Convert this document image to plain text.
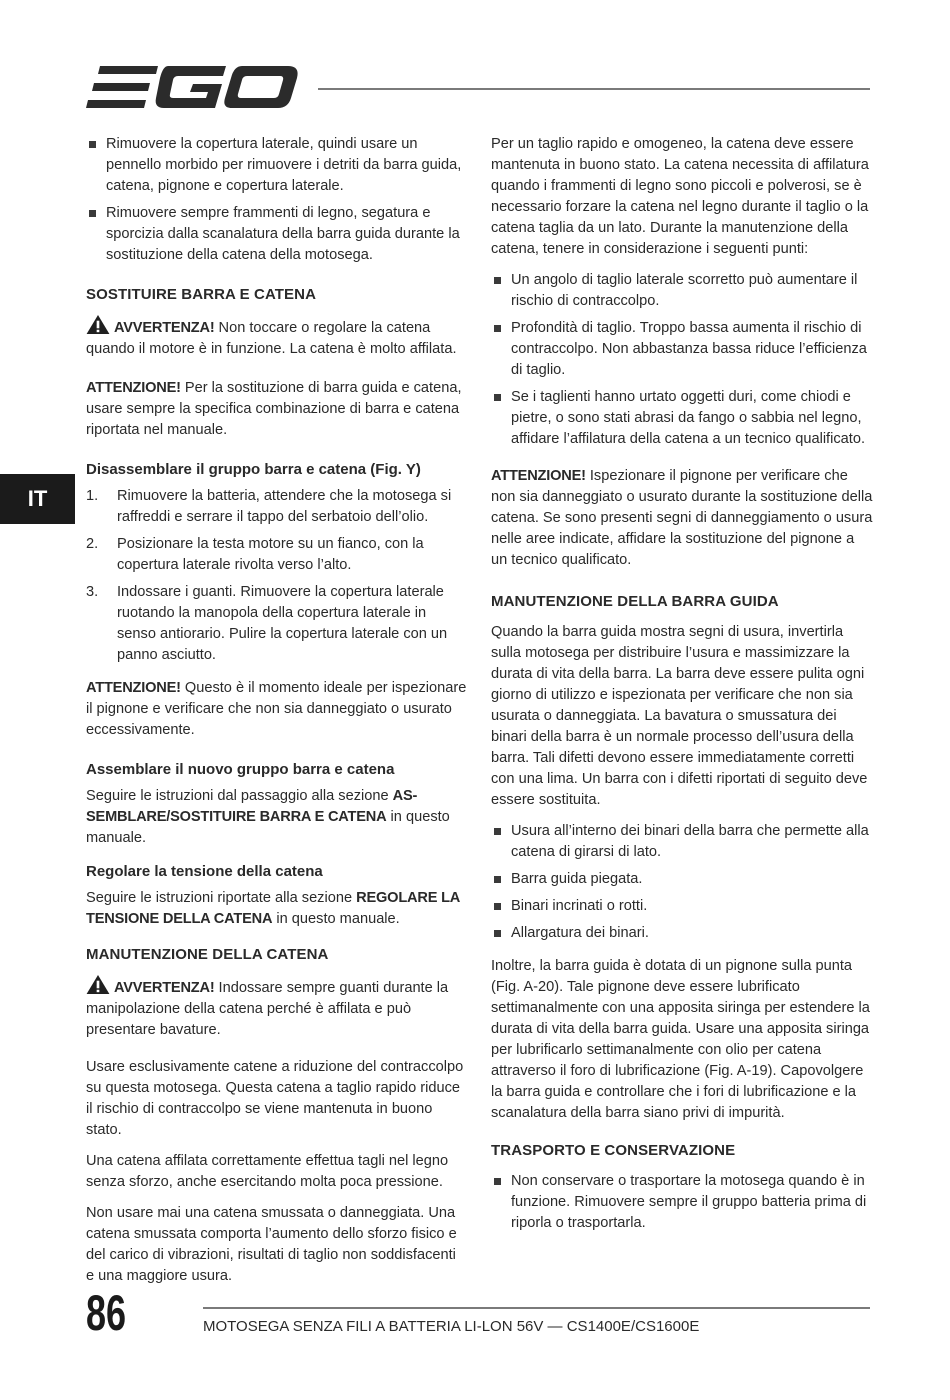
IT
Rimuovere la copertura laterale, quindi usare un pennello morbido per rimuovere i detriti da barra guida, catena, pignone e copertura laterale.
Rimuovere sempre frammenti di legno, segatura e sporcizia dalla scanalatura della barra guida durante la sostituzione della catena della motosega.
SOSTITUIRE BARRA E CATENA

AVVERTENZA! Non toccare o regolare la catena quando il motore è in funzione. La catena è molto affilata.

ATTENZIONE! Per la sostituzione di barra guida e catena, usare sempre la specifica combinazione di barra e catena riportata nel manuale.

Disassemblare il gruppo barra e catena (Fig. Y)
1. Rimuovere la batteria, attendere che la motosega si raffreddi e serrare il tappo del serbatoio dell’olio.
2. Posizionare la testa motore su un fianco, con la copertura laterale rivolta verso l’alto.
3. Indossare i guanti. Rimuovere la copertura laterale ruotando la manopola della copertura laterale in senso antiorario. Pulire la copertura laterale con un panno asciutto.

ATTENZIONE! Questo è il momento ideale per ispezionare il pignone e verificare che non sia danneggiato o usurato eccessivamente.

Assemblare il nuovo gruppo barra e catena

Seguire le istruzioni dal passaggio alla sezione AS-SEMBLARE/SOSTITUIRE BARRA E CATENA in questo manuale.

Regolare la tensione della catena

Seguire le istruzioni riportate alla sezione REGOLARE LA TENSIONE DELLA CATENA in questo manuale.

MANUTENZIONE DELLA CATENA

AVVERTENZA! Indossare sempre guanti durante la manipolazione della catena perché è affilata e può presentare bavature.

Usare esclusivamente catene a riduzione del contraccolpo su questa motosega. Questa catena a taglio rapido riduce il rischio di contraccolpo se viene mantenuta in buono stato.

Una catena affilata correttamente effettua tagli nel legno senza sforzo, anche esercitando molta poca pressione.

Non usare mai una catena smussata o danneggiata. Una catena smussata comporta l’aumento dello sforzo fisico e del carico di vibrazioni, risultati di taglio non soddisfacenti e una maggiore usura.

Per un taglio rapido e omogeneo, la catena deve essere mantenuta in buono stato. La catena necessita di affilatura quando i frammenti di legno sono piccoli e polverosi, se è necessario forzare la catena nel legno durante il taglio o la catena taglia da un lato. Durante la manutenzione della catena, tenere in considerazione i seguenti punti:

Un angolo di taglio laterale scorretto può aumentare il rischio di contraccolpo.
Profondità di taglio. Troppo bassa aumenta il rischio di contraccolpo. Non abbastanza bassa riduce l’efficienza di taglio.
Se i taglienti hanno urtato oggetti duri, come chiodi e pietre, o sono stati abrasi da fango o sabbia nel legno, affidare l’affilatura della catena a un tecnico qualificato.

ATTENZIONE! Ispezionare il pignone per verificare che non sia danneggiato o usurato durante la sostituzione della catena. Se sono presenti segni di danneggiamento o usura nelle aree indicate, affidare la sostituzione del pignone a un tecnico qualificato.

MANUTENZIONE DELLA BARRA GUIDA

Quando la barra guida mostra segni di usura, invertirla sulla motosega per distribuire l’usura e massimizzare la durata di vita della barra. La barra deve essere pulita ogni giorno di utilizzo e ispezionata per verificare che non sia usurata o danneggiata. La bavatura o smussatura dei binari della barra è un normale processo dell’usura della barra. Tali difetti devono essere immediatamente corretti con una lima. Un barra con i difetti riportati di seguito deve essere sostituita.

Usura all’interno dei binari della barra che permette alla catena di girarsi di lato.
Barra guida piegata.
Binari incrinati o rotti.
Allargatura dei binari.

Inoltre, la barra guida è dotata di un pignone sulla punta (Fig. A-20). Tale pignone deve essere lubrificato settimanalmente con una apposita siringa per estendere la durata di vita della barra guida. Usare una apposita siringa per lubrificarlo settimanalmente con olio per catena attraverso il foro di lubrificazione (Fig. A-19). Capovolgere la barra guida e controllare che i fori di lubrificazione e la scanalatura della barra siano privi di impurità.

TRASPORTO E CONSERVAZIONE
Non conservare o trasportare la motosega quando è in funzione. Rimuovere sempre il gruppo batteria prima di riporla o trasportarla.
86	MOTOSEGA SENZA FILI A BATTERIA LI-LON 56V — CS1400E/CS1600E
